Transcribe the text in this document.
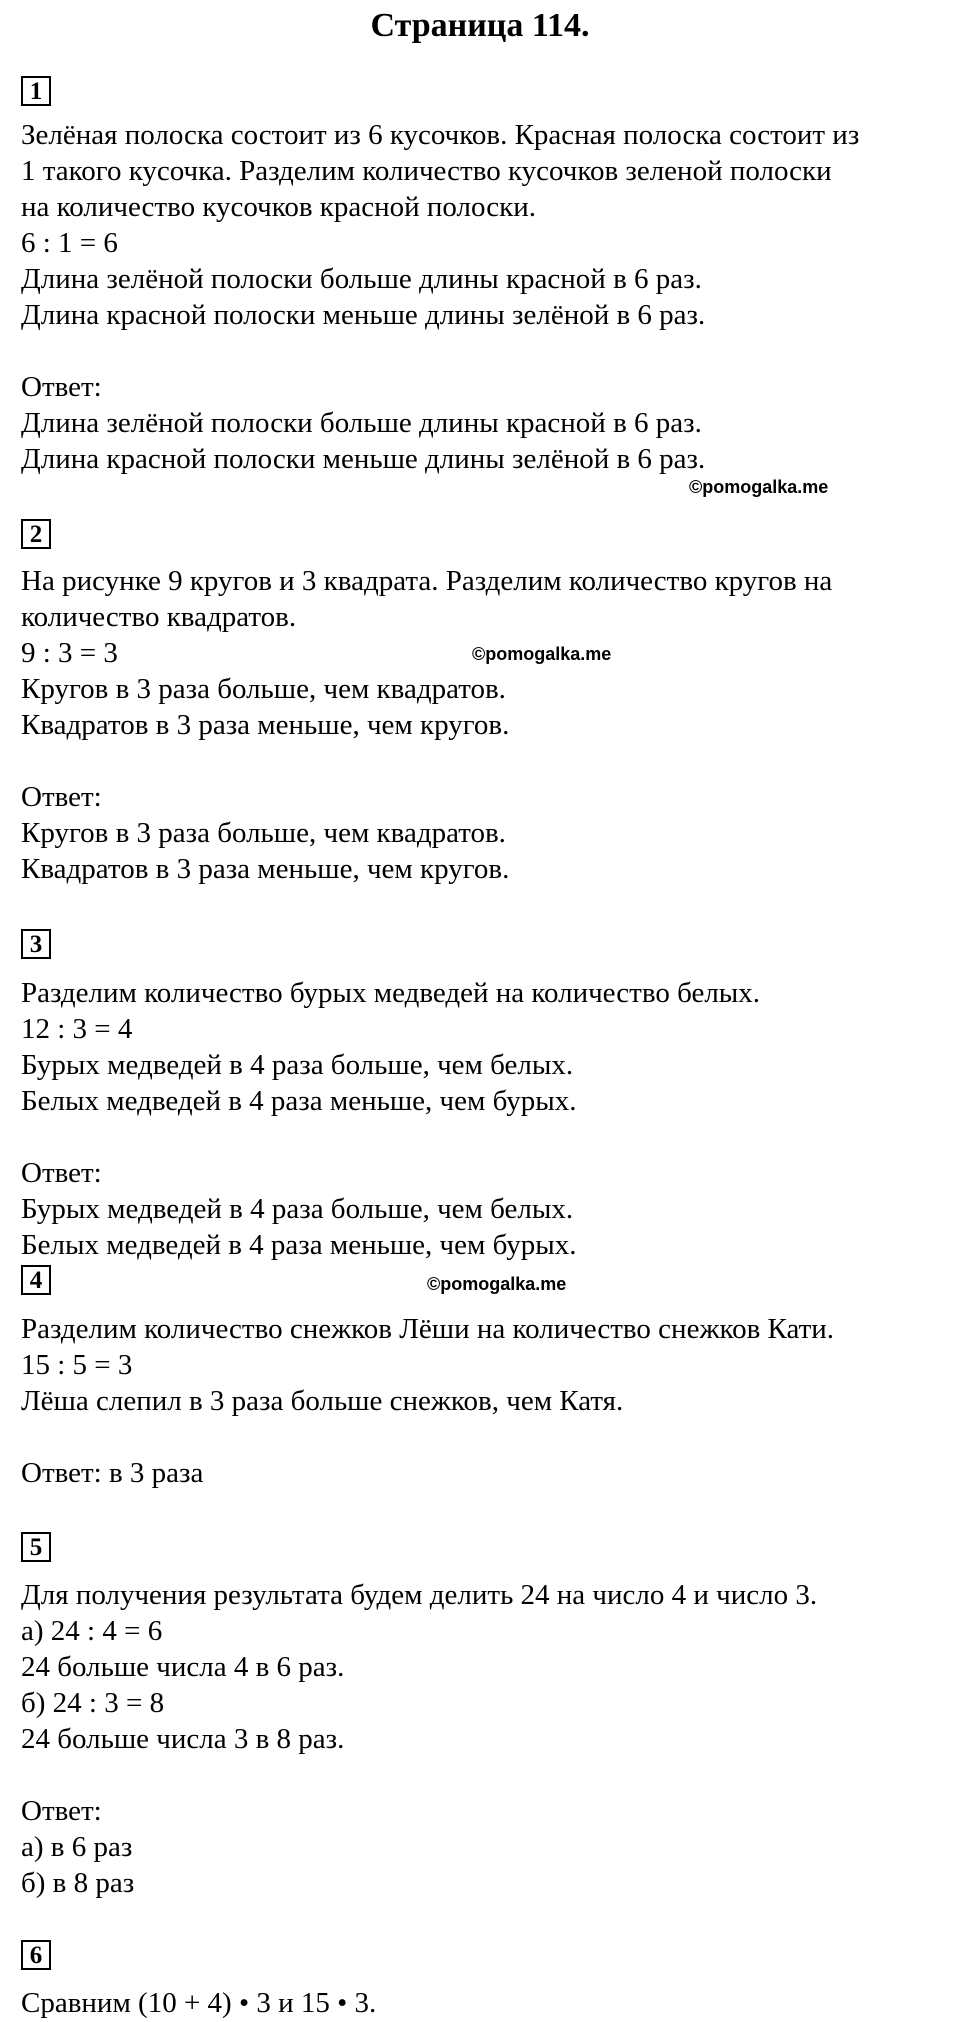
Страница 114.
1
Зелёная полоска состоит из 6 кусочков. Красная полоска состоит из
1 такого кусочка. Разделим количество кусочков зеленой полоски
на количество кусочков красной полоски.
6 : 1 = 6
Длина зелёной полоски больше длины красной в 6 раз.
Длина красной полоски меньше длины зелёной в 6 раз.
Ответ:
Длина зелёной полоски больше длины красной в 6 раз.
Длина красной полоски меньше длины зелёной в 6 раз.
©pomogalka.me
2
На рисунке 9 кругов и 3 квадрата. Разделим количество кругов на
количество квадратов.
9 : 3 = 3
Кругов в 3 раза больше, чем квадратов.
Квадратов в 3 раза меньше, чем кругов.
Ответ:
Кругов в 3 раза больше, чем квадратов.
Квадратов в 3 раза меньше, чем кругов.
©pomogalka.me
3
Разделим количество бурых медведей на количество белых.
12 : 3 = 4
Бурых медведей в 4 раза больше, чем белых.
Белых медведей в 4 раза меньше, чем бурых.
Ответ:
Бурых медведей в 4 раза больше, чем белых.
Белых медведей в 4 раза меньше, чем бурых.
4
Разделим количество снежков Лёши на количество снежков Кати.
15 : 5 = 3
Лёша слепил в 3 раза больше снежков, чем Катя.
Ответ: в 3 раза
©pomogalka.me
5
Для получения результата будем делить 24 на число 4 и число 3.
а) 24 : 4 = 6
24 больше числа 4 в 6 раз.
б) 24 : 3 = 8
24 больше числа 3 в 8 раз.
Ответ:
а) в 6 раз
б) в 8 раз
6
Сравним (10 + 4) • 3 и 15 • 3.
